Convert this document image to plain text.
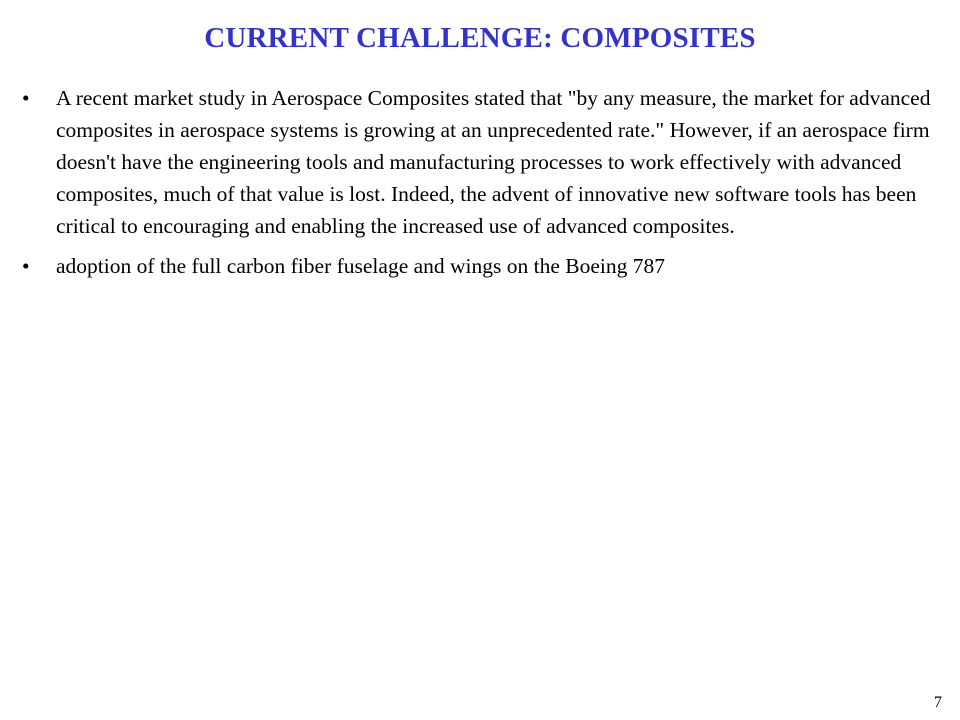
CURRENT CHALLENGE: COMPOSITES
•	A recent market study in Aerospace Composites stated that "by any measure, the market for advanced composites in aerospace systems is growing at an unprecedented rate." However, if an aerospace firm doesn't have the engineering tools and manufacturing processes to work effectively with advanced composites, much of that value is lost. Indeed, the advent of innovative new software tools has been critical to encouraging and enabling the increased use of advanced composites.
•	adoption of the full carbon fiber fuselage and wings on the Boeing 787
7
